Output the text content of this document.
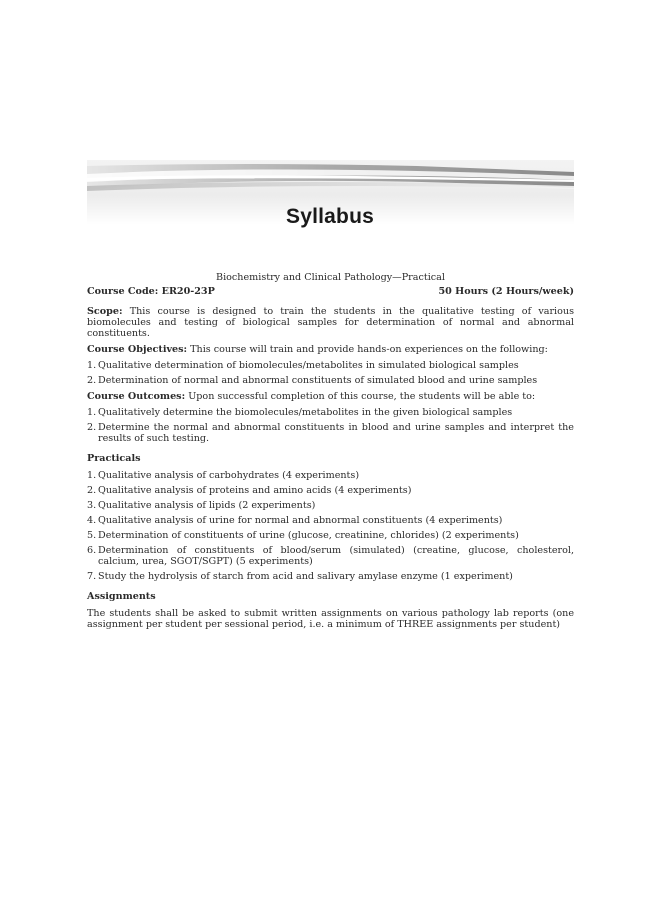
Syllabus
Biochemistry and Clinical Pathology—Practical
Course Code: ER20-23P	50 Hours (2 Hours/week)

Scope: This course is designed to train the students in the qualitative testing of various biomolecules and testing of biological samples for determination of normal and abnormal constituents.

Course Objectives: This course will train and provide hands-on experiences on the following:

1. Qualitative determination of biomolecules/metabolites in simulated biological samples
2. Determination of normal and abnormal constituents of simulated blood and urine samples

Course Outcomes: Upon successful completion of this course, the students will be able to:

1. Qualitatively determine the biomolecules/metabolites in the given biological samples
2. Determine the normal and abnormal constituents in blood and urine samples and interpret the results of such testing.
Practicals
1. Qualitative analysis of carbohydrates (4 experiments)
2. Qualitative analysis of proteins and amino acids (4 experiments)
3. Qualitative analysis of lipids (2 experiments)
4. Qualitative analysis of urine for normal and abnormal constituents (4 experiments)
5. Determination of constituents of urine (glucose, creatinine, chlorides) (2 experiments)
6. Determination of constituents of blood/serum (simulated) (creatine, glucose, cholesterol, calcium, urea, SGOT/SGPT) (5 experiments)
7. Study the hydrolysis of starch from acid and salivary amylase enzyme (1 experiment)
Assignments

The students shall be asked to submit written assignments on various pathology lab reports (one assignment per student per sessional period, i.e. a minimum of THREE assignments per student)
